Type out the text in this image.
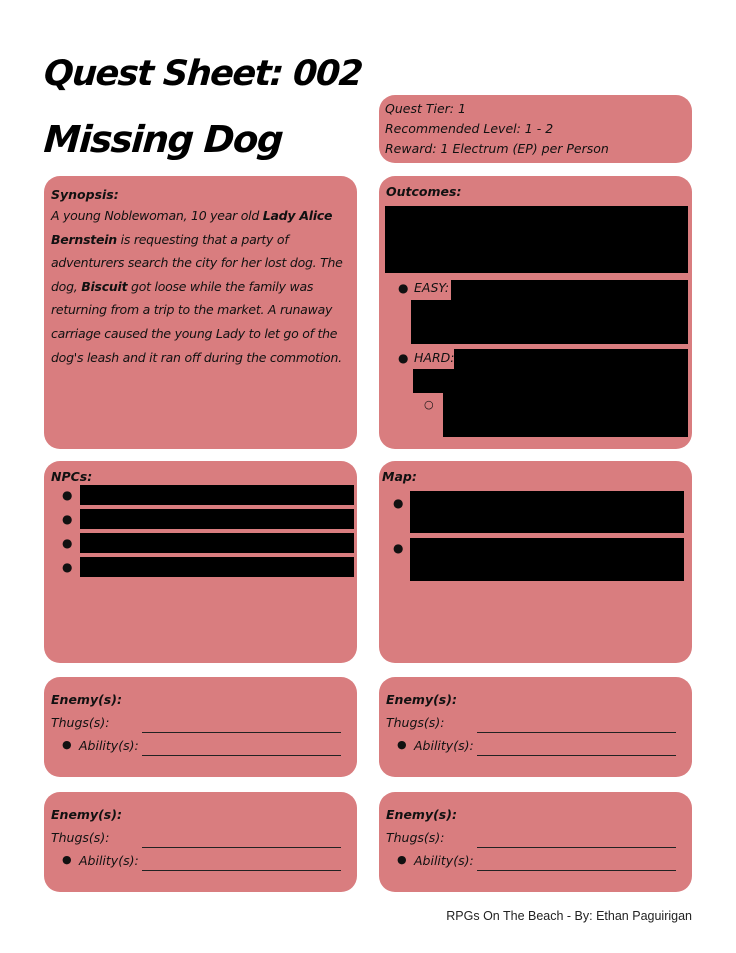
Quest Sheet: 002
Missing Dog
Quest Tier: 1
Recommended Level: 1 - 2
Reward: 1 Electrum (EP) per Person
Synopsis:
A young Noblewoman, 10 year old Lady Alice Bernstein is requesting that a party of adventurers search the city for her lost dog. The dog, Biscuit got loose while the family was returning from a trip to the market. A runaway carriage caused the young Lady to let go of the dog's leash and it ran off during the commotion.
Outcomes:
● EASY:
● HARD:
○
NPCs:
●
●
●
●
Map:
●
●
Enemy(s):
Thugs(s):
● Ability(s):
Enemy(s):
Thugs(s):
● Ability(s):
Enemy(s):
Thugs(s):
● Ability(s):
Enemy(s):
Thugs(s):
● Ability(s):
RPGs On The Beach - By: Ethan Paguirigan
